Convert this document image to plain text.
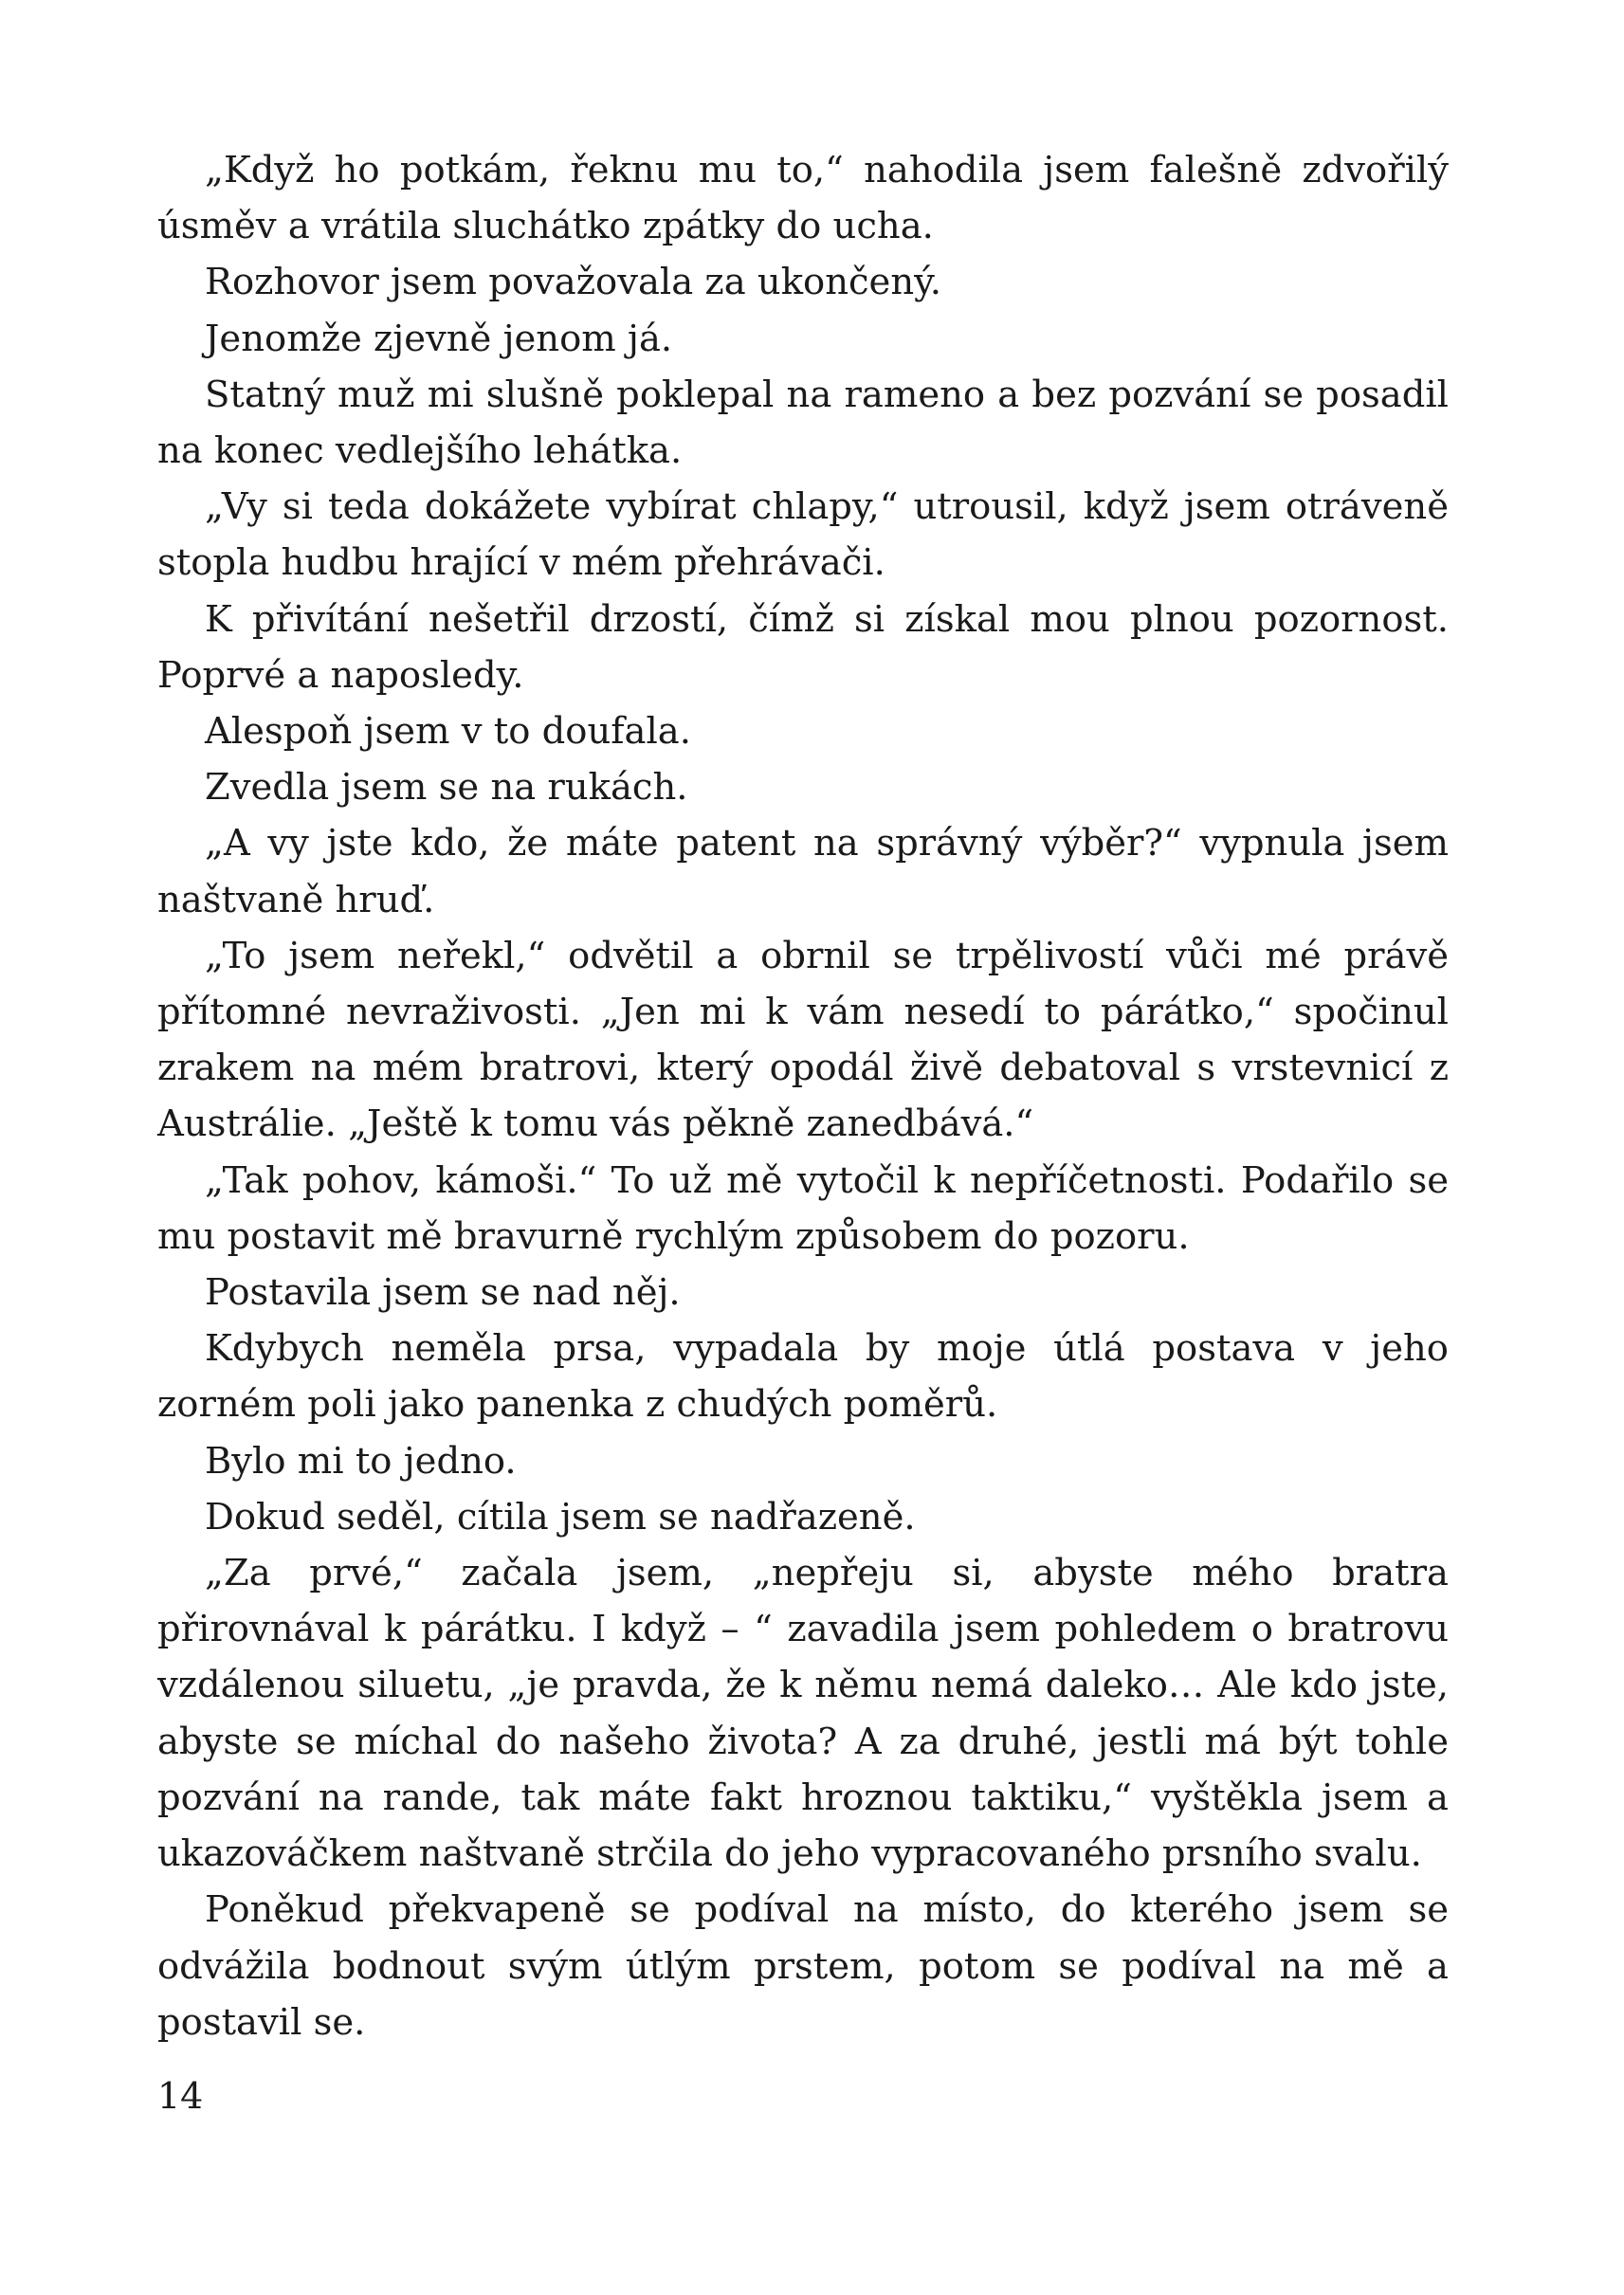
„Když ho potkám, řeknu mu to,“ nahodila jsem falešně zdvořilý úsměv a vrátila sluchátko zpátky do ucha.

Rozhovor jsem považovala za ukončený.

Jenomže zjevně jenom já.

Statný muž mi slušně poklepal na rameno a bez pozvání se posadil na konec vedlejšího lehátka.

„Vy si teda dokážete vybírat chlapy,“ utrousil, když jsem otráveně stopla hudbu hrající v mém přehrávači.

K přivítání nešetřil drzostí, čímž si získal mou plnou pozornost. Poprvé a naposledy.

Alespoň jsem v to doufala.

Zvedla jsem se na rukách.

„A vy jste kdo, že máte patent na správný výběr?“ vypnula jsem naštvaně hruď.

„To jsem neřekl,“ odvětil a obrnil se trpělivostí vůči mé právě přítomné nevraživosti. „Jen mi k vám nesedí to párátko,“ spočinul zrakem na mém bratrovi, který opodál živě debatoval s vrstevnicí z Austrálie. „Ještě k tomu vás pěkně zanedbává.“

„Tak pohov, kámoši.“ To už mě vytočil k nepříčetnosti. Podařilo se mu postavit mě bravurně rychlým způsobem do pozoru.

Postavila jsem se nad něj.

Kdybych neměla prsa, vypadala by moje útlá postava v jeho zorném poli jako panenka z chudých poměrů.

Bylo mi to jedno.

Dokud seděl, cítila jsem se nadřazeně.

„Za prvé,“ začala jsem, „nepřeju si, abyste mého bratra přirovnával k párátku. I když – “ zavadila jsem pohledem o bratrovu vzdálenou siluetu, „je pravda, že k němu nemá daleko… Ale kdo jste, abyste se míchal do našeho života? A za druhé, jestli má být tohle pozvání na rande, tak máte fakt hroznou taktiku,“ vyštěkla jsem a ukazováčkem naštvaně strčila do jeho vypracovaného prsního svalu.

Poněkud překvapeně se podíval na místo, do kterého jsem se odvážila bodnout svým útlým prstem, potom se podíval na mě a postavil se.

14
